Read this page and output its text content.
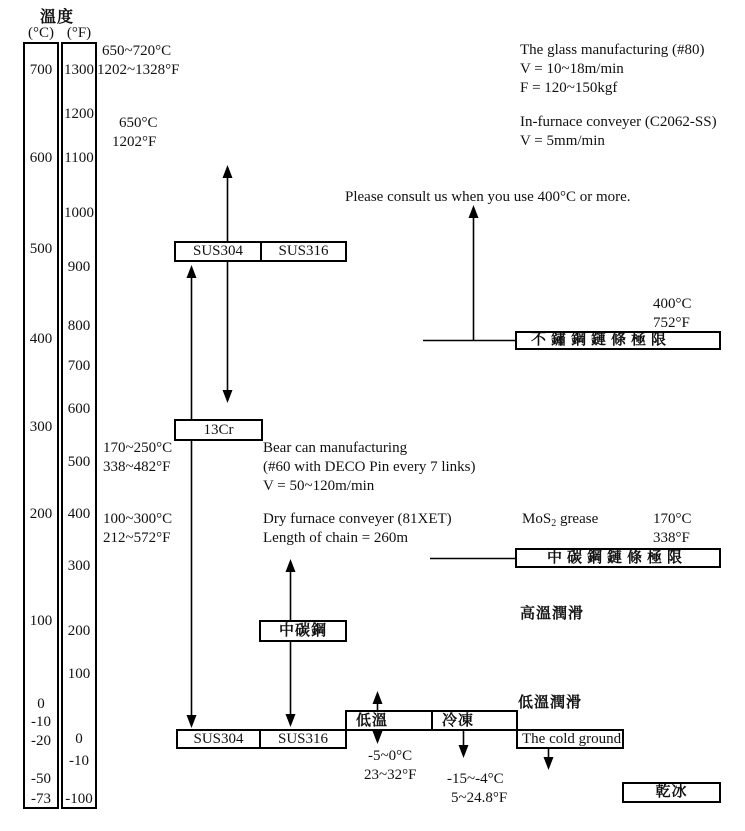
溫度
(°C) (°F)
700
600
500
400
300
200
100
0
-10
-20
-50
-73
1300
1200
1100
1000
900
800
700
600
500
400
300
200
100
0
-10
-100
650~720°C
1202~1328°F
650°C
1202°F
The glass manufacturing (#80)
V = 10~18m/min
F = 120~150kgf
In-furnace conveyer (C2062-SS)
V = 5mm/min
Please consult us when you use 400°C or more.
400°C
752°F
SUS304	SUS316
13Cr
不鏽鋼鏈條極限
170~250°C
338~482°F
Bear can manufacturing
(#60 with DECO Pin every 7 links)
V = 50~120m/min
100~300°C
212~572°F
Dry furnace conveyer (81XET)
Length of chain = 260m
MoS$_2$ grease	170°C
338°F
中碳鋼鏈條極限
高溫潤滑
中碳鋼
低溫潤滑
低溫	冷凍
SUS304	SUS316	The cold ground
-5~0°C
23~32°F -15~-4°C
5~24.8°F	乾冰
